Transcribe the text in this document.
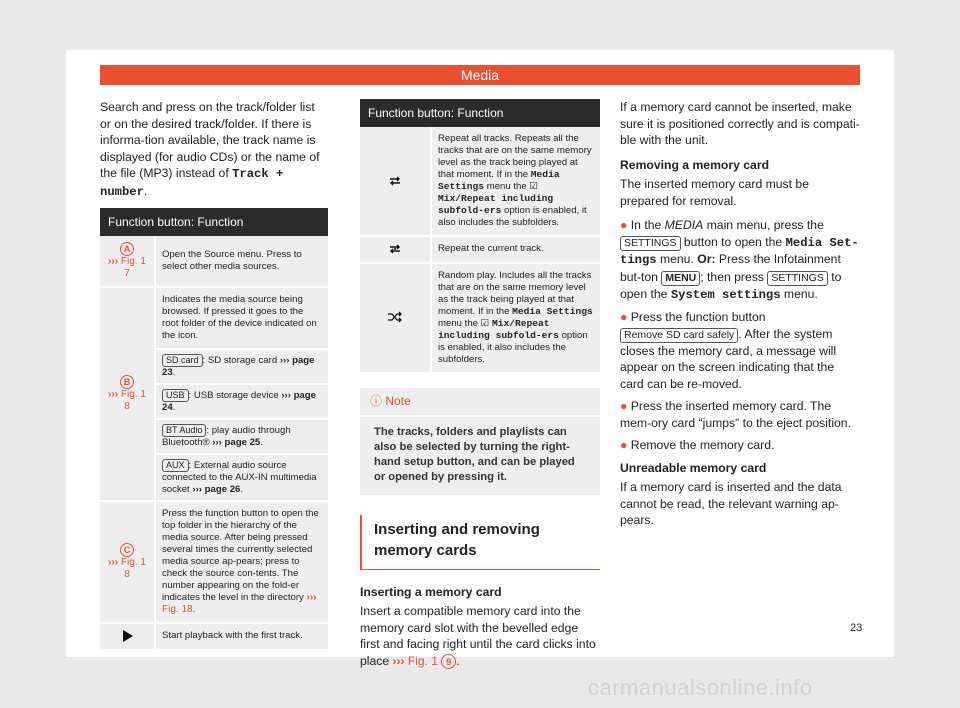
Media

Search and press on the track/folder list or on the desired track/folder. If there is informa-tion available, the track name is displayed (for audio CDs) or the name of the file (MP3) instead of Track + number.

Function button: Function	
A
››› Fig. 1 7	Open the Source menu. Press to select other media sources.
B
››› Fig. 1 8	Indicates the media source being browsed. If pressed it goes to the root folder of the device indicated on the icon.
	SD card : SD storage card ››› page 23.
	USB : USB storage device ››› page 24.
	BT Audio : play audio through Bluetooth® ››› page 25.
	AUX : External audio source connected to the AUX-IN multimedia socket ››› page 26.
C
››› Fig. 1 8	Press the function button to open the top folder in the hierarchy of the media source. After being pressed several times the currently selected media source ap-pears; press to check the source con-tents. The number appearing on the fold-er indicates the level in the directory ››› Fig. 18.
	Start playback with the first track.
Function button: Function	
	Repeat all tracks. Repeats all the tracks that are on the same memory level as the track being played at that moment. If in the Media Settings menu the ☑ Mix/Repeat including subfold-ers option is enabled, it also includes the subfolders.
	Repeat the current track.
	Random play. Includes all the tracks that are on the same memory level as the track being played at that moment. If in the Media Settings menu the ☑ Mix/Repeat including subfold-ers option is enabled, it also includes the subfolders.
ⓘ Note
The tracks, folders and playlists can also be selected by turning the right-hand setup button, and can be played or opened by pressing it.
Inserting and removing memory cards

Inserting a memory card

Insert a compatible memory card into the memory card slot with the bevelled edge first and facing right until the card clicks into place ››› Fig. 1 9 .

If a memory card cannot be inserted, make sure it is positioned correctly and is compati-ble with the unit.

Removing a memory card

The inserted memory card must be prepared for removal.

● In the MEDIA main menu, press the SETTINGS button to open the Media Set-tings menu. Or: Press the Infotainment but-ton MENU ; then press SETTINGS to open the System settings menu.

● Press the function button Remove SD card safely . After the system closes the memory card, a message will appear on the screen indicating that the card can be re-moved.

● Press the inserted memory card. The mem-ory card “jumps” to the eject position.

● Remove the memory card.

Unreadable memory card

If a memory card is inserted and the data cannot be read, the relevant warning ap-pears.

23
carmanualsonline.info
